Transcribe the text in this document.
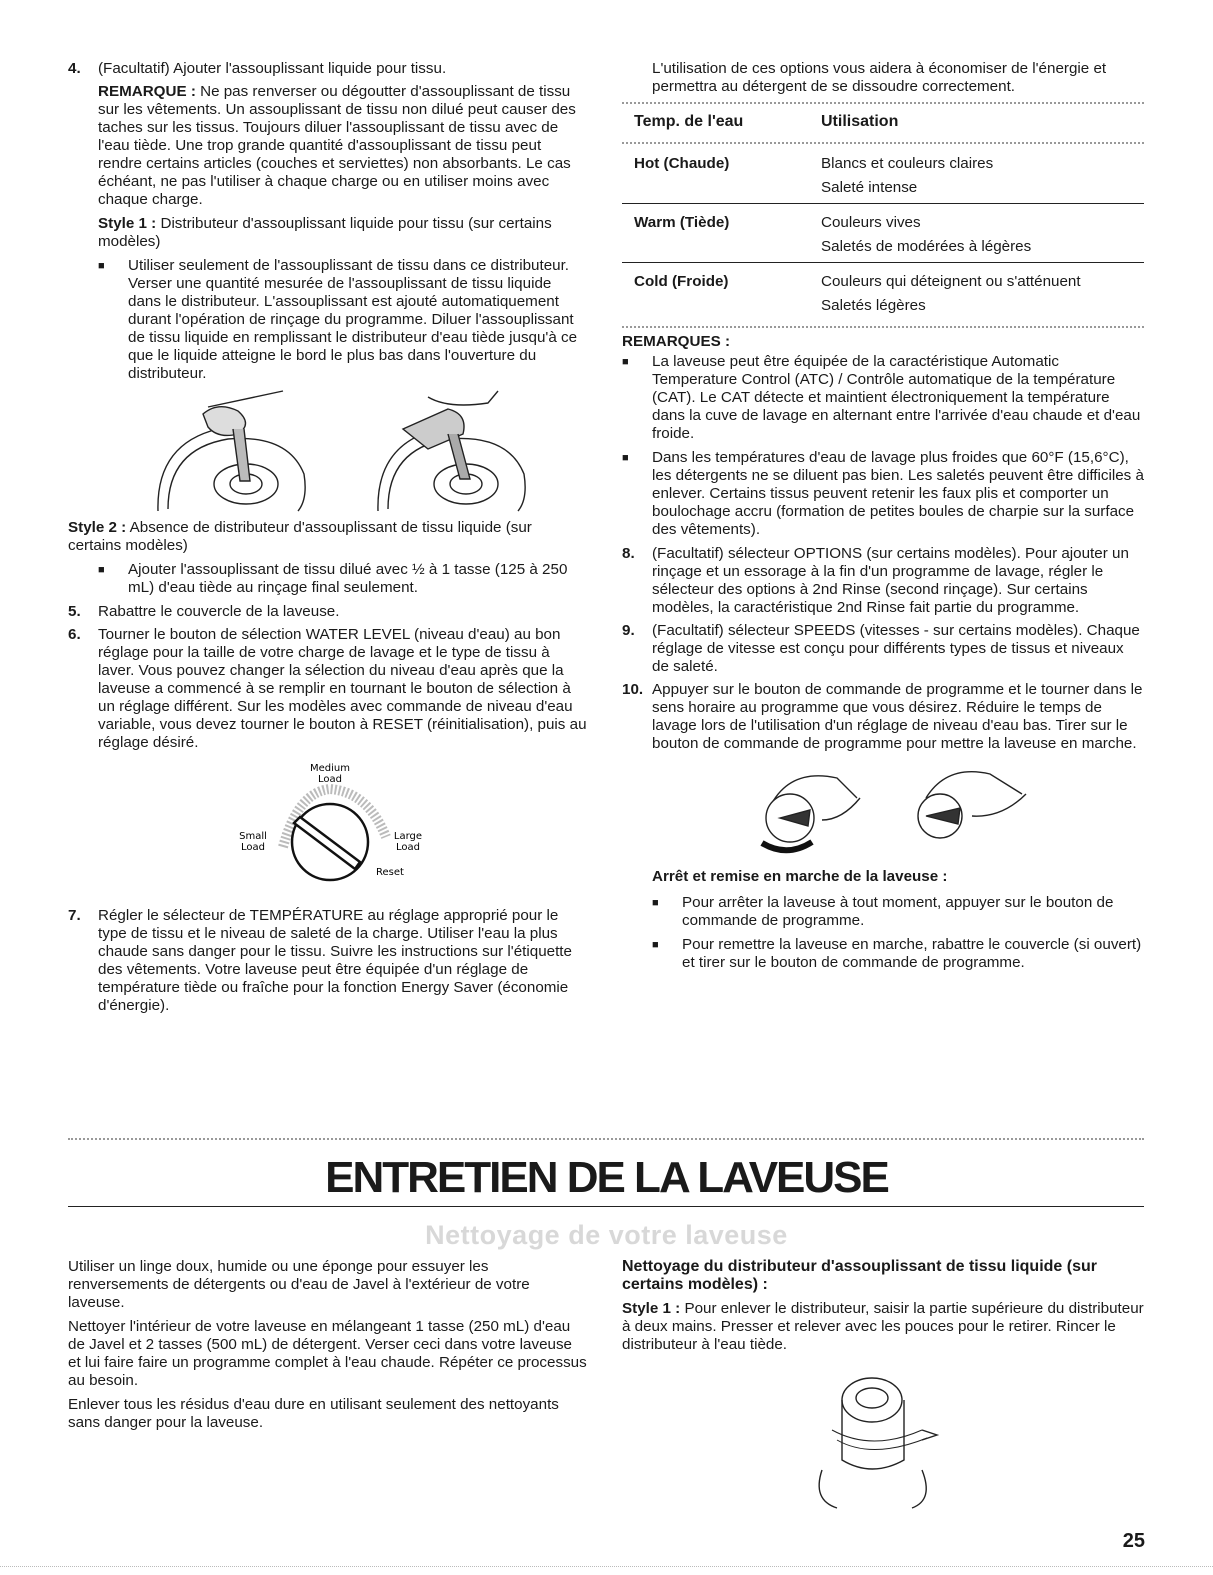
4.	(Facultatif) Ajouter l'assouplissant liquide pour tissu.

REMARQUE : Ne pas renverser ou dégoutter d'assouplissant de tissu sur les vêtements. Un assouplissant de tissu non dilué peut causer des taches sur les tissus. Toujours diluer l'assouplissant de tissu avec de l'eau tiède. Une trop grande quantité d'assouplissant de tissu peut rendre certains articles (couches et serviettes) non absorbants. Le cas échéant, ne pas l'utiliser à chaque charge ou en utiliser moins avec chaque charge.

Style 1 : Distributeur d'assouplissant liquide pour tissu (sur certains modèles)

■	Utiliser seulement de l'assouplissant de tissu dans ce distributeur. Verser une quantité mesurée de l'assouplissant de tissu liquide dans le distributeur. L'assouplissant est ajouté automatiquement durant l'opération de rinçage du programme. Diluer l'assouplissant de tissu liquide en remplissant le distributeur d'eau tiède jusqu'à ce que le liquide atteigne le bord le plus bas dans l'ouverture du distributeur.

Style 2 : Absence de distributeur d'assouplissant de tissu liquide (sur certains modèles)

■	Ajouter l'assouplissant de tissu dilué avec ½ à 1 tasse (125 à 250 mL) d'eau tiède au rinçage final seulement.
5.	Rabattre le couvercle de la laveuse.
6.	Tourner le bouton de sélection WATER LEVEL (niveau d'eau) au bon réglage pour la taille de votre charge de lavage et le type de tissu à laver. Vous pouvez changer la sélection du niveau d'eau après que la laveuse a commencé à se remplir en tournant le bouton de sélection à un réglage différent. Sur les modèles avec commande de niveau d'eau variable, vous devez tourner le bouton à RESET (réinitialisation), puis au réglage désiré.
Medium
Load
Small
Load
Large
Load
Reset
7.	Régler le sélecteur de TEMPÉRATURE au réglage approprié pour le type de tissu et le niveau de saleté de la charge. Utiliser l'eau la plus chaude sans danger pour le tissu. Suivre les instructions sur l'étiquette des vêtements. Votre laveuse peut être équipée d'un réglage de température tiède ou fraîche pour la fonction Energy Saver (économie d'énergie).

L'utilisation de ces options vous aidera à économiser de l'énergie et permettra au détergent de se dissoudre correctement.

Temp. de l'eau	Utilisation
Hot (Chaude)	Blancs et couleurs claires
Saleté intense
Warm (Tiède)	Couleurs vives
Saletés de modérées à légères
Cold (Froide)	Couleurs qui déteignent ou s'atténuent
Saletés légères

REMARQUES :

■	La laveuse peut être équipée de la caractéristique Automatic Temperature Control (ATC) / Contrôle automatique de la température (CAT). Le CAT détecte et maintient électroniquement la température dans la cuve de lavage en alternant entre l'arrivée d'eau chaude et d'eau froide.
■	Dans les températures d'eau de lavage plus froides que 60°F (15,6°C), les détergents ne se diluent pas bien. Les saletés peuvent être difficiles à enlever. Certains tissus peuvent retenir les faux plis et comporter un boulochage accru (formation de petites boules de charpie sur la surface des vêtements).
8.	(Facultatif) sélecteur OPTIONS (sur certains modèles). Pour ajouter un rinçage et un essorage à la fin d'un programme de lavage, régler le sélecteur des options à 2nd Rinse (second rinçage). Sur certains modèles, la caractéristique 2nd Rinse fait partie du programme.
9.	(Facultatif) sélecteur SPEEDS (vitesses - sur certains modèles). Chaque réglage de vitesse est conçu pour différents types de tissus et niveaux de saleté.
10. Appuyer sur le bouton de commande de programme et le tourner dans le sens horaire au programme que vous désirez. Réduire le temps de lavage lors de l'utilisation d'un réglage de niveau d'eau bas. Tirer sur le bouton de commande de programme pour mettre la laveuse en marche.

Arrêt et remise en marche de la laveuse :

■	Pour arrêter la laveuse à tout moment, appuyer sur le bouton de commande de programme.
■	Pour remettre la laveuse en marche, rabattre le couvercle (si ouvert) et tirer sur le bouton de commande de programme.
ENTRETIEN DE LA LAVEUSE
Nettoyage de votre laveuse

Utiliser un linge doux, humide ou une éponge pour essuyer les renversements de détergents ou d'eau de Javel à l'extérieur de votre laveuse.

Nettoyer l'intérieur de votre laveuse en mélangeant 1 tasse (250 mL) d'eau de Javel et 2 tasses (500 mL) de détergent. Verser ceci dans votre laveuse et lui faire faire un programme complet à l'eau chaude. Répéter ce processus au besoin.

Enlever tous les résidus d'eau dure en utilisant seulement des nettoyants sans danger pour la laveuse.

Nettoyage du distributeur d'assouplissant de tissu liquide (sur certains modèles) :

Style 1 : Pour enlever le distributeur, saisir la partie supérieure du distributeur à deux mains. Presser et relever avec les pouces pour le retirer. Rincer le distributeur à l'eau tiède.

25
